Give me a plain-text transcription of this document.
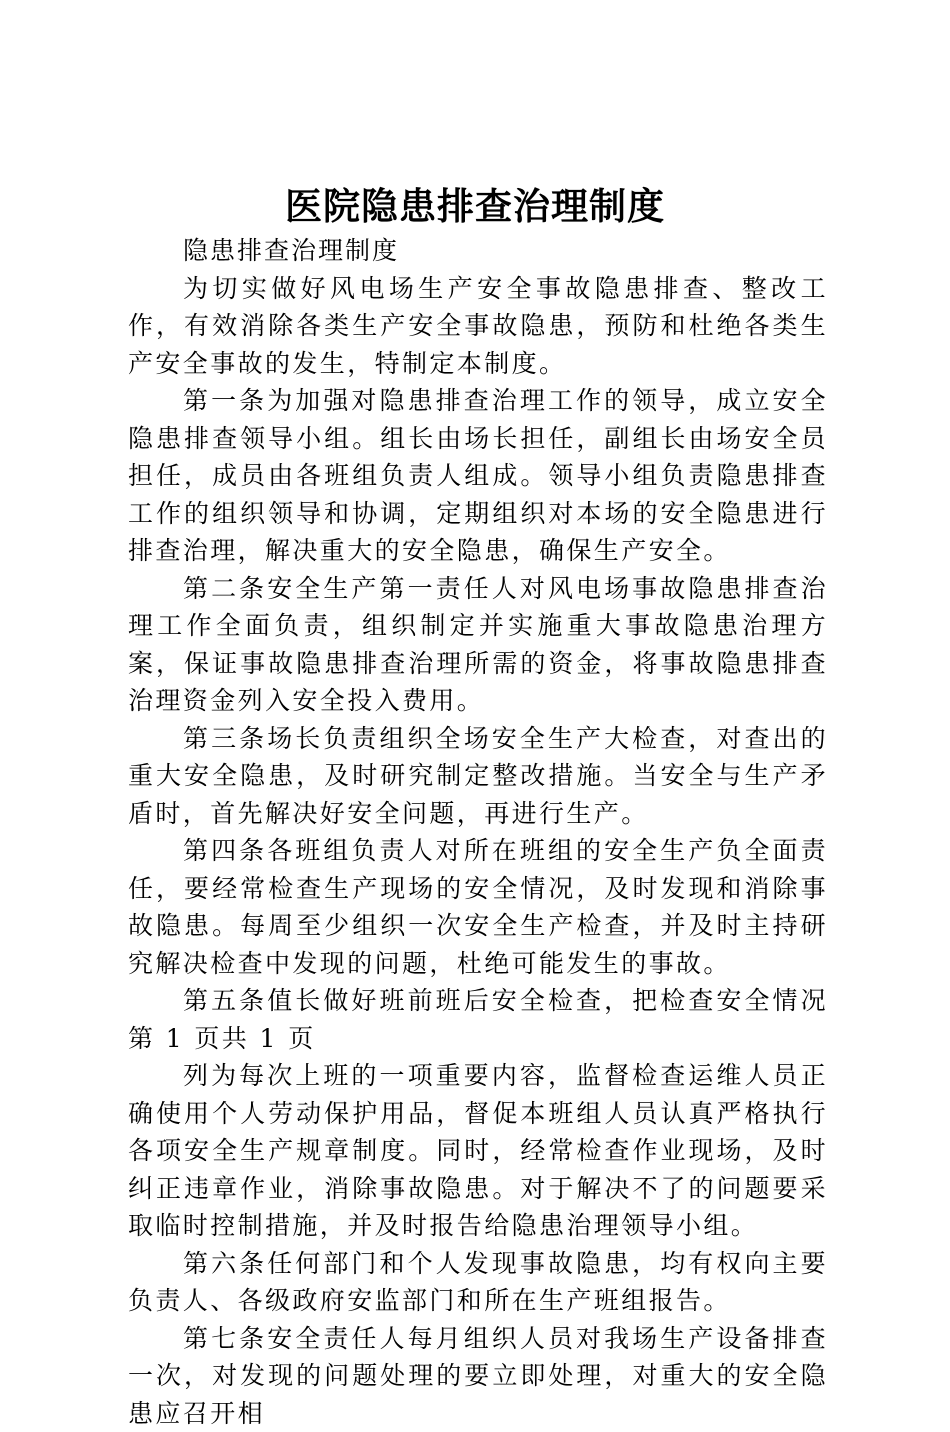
医院隐患排查治理制度

隐患排查治理制度

为切实做好风电场生产安全事故隐患排查、整改工作，有效消除各类生产安全事故隐患，预防和杜绝各类生产安全事故的发生，特制定本制度。

第一条为加强对隐患排查治理工作的领导，成立安全隐患排查领导小组。组长由场长担任，副组长由场安全员担任，成员由各班组负责人组成。领导小组负责隐患排查工作的组织领导和协调，定期组织对本场的安全隐患进行排查治理，解决重大的安全隐患，确保生产安全。

第二条安全生产第一责任人对风电场事故隐患排查治理工作全面负责，组织制定并实施重大事故隐患治理方案，保证事故隐患排查治理所需的资金，将事故隐患排查治理资金列入安全投入费用。

第三条场长负责组织全场安全生产大检查，对查出的重大安全隐患，及时研究制定整改措施。当安全与生产矛盾时，首先解决好安全问题，再进行生产。

第四条各班组负责人对所在班组的安全生产负全面责任，要经常检查生产现场的安全情况，及时发现和消除事故隐患。每周至少组织一次安全生产检查，并及时主持研究解决检查中发现的问题，杜绝可能发生的事故。

第五条值长做好班前班后安全检查，把检查安全情况第 1 页共 1 页

列为每次上班的一项重要内容，监督检查运维人员正确使用个人劳动保护用品，督促本班组人员认真严格执行各项安全生产规章制度。同时，经常检查作业现场，及时纠正违章作业，消除事故隐患。对于解决不了的问题要采取临时控制措施，并及时报告给隐患治理领导小组。

第六条任何部门和个人发现事故隐患，均有权向主要负责人、各级政府安监部门和所在生产班组报告。

第七条安全责任人每月组织人员对我场生产设备排查一次，对发现的问题处理的要立即处理，对重大的安全隐患应召开相
